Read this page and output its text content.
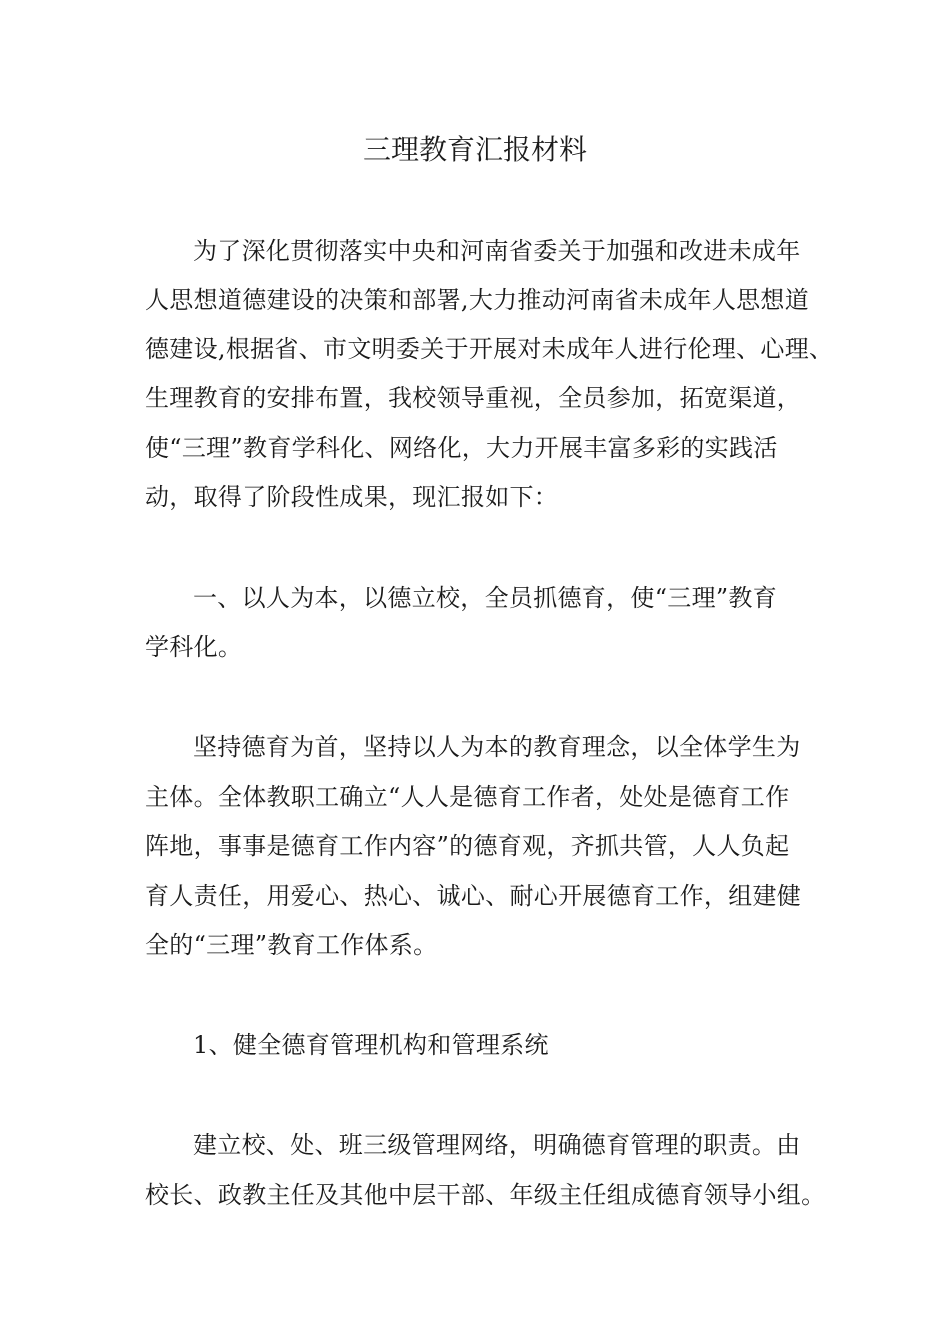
三理教育汇报材料
为了深化贯彻落实中央和河南省委关于加强和改进未成年
人思想道德建设的决策和部署,大力推动河南省未成年人思想道
德建设,根据省、市文明委关于开展对未成年人进行伦理、心理、
生理教育的安排布置，我校领导重视，全员参加，拓宽渠道，
使“三理”教育学科化、网络化，大力开展丰富多彩的实践活
动，取得了阶段性成果，现汇报如下：
一、以人为本，以德立校，全员抓德育，使“三理”教育
学科化。
坚持德育为首，坚持以人为本的教育理念，以全体学生为
主体。全体教职工确立“人人是德育工作者，处处是德育工作
阵地，事事是德育工作内容”的德育观，齐抓共管，人人负起
育人责任，用爱心、热心、诚心、耐心开展德育工作，组建健
全的“三理”教育工作体系。
1、健全德育管理机构和管理系统
建立校、处、班三级管理网络，明确德育管理的职责。由
校长、政教主任及其他中层干部、年级主任组成德育领导小组。
